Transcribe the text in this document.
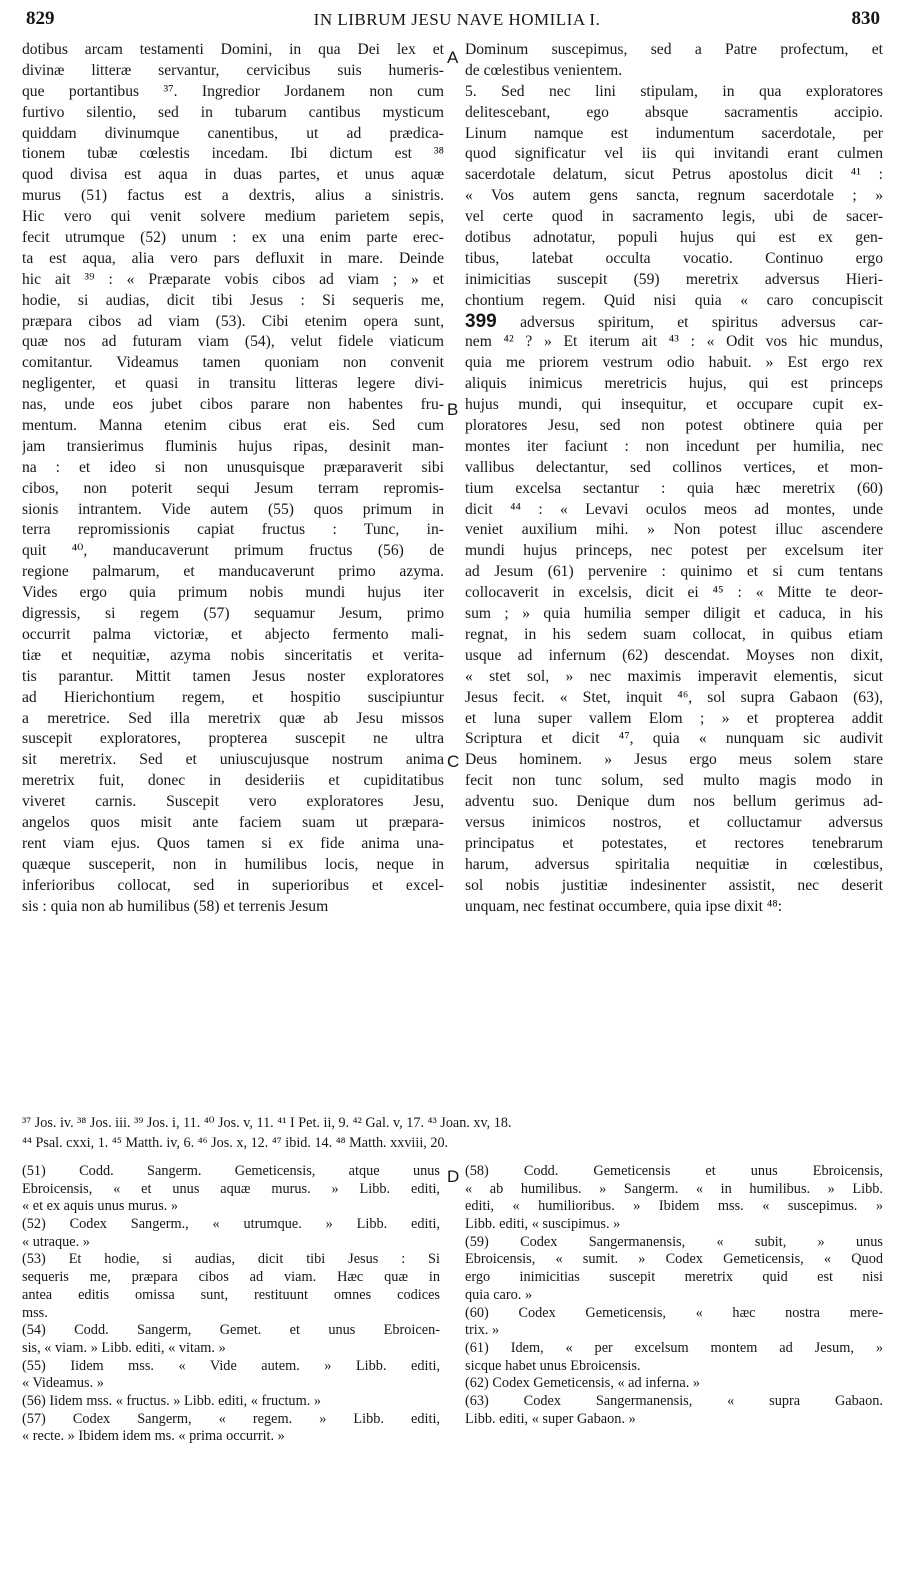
829	IN LIBRUM JESU NAVE HOMILIA I.	830
dotibus arcam testamenti Domini, in qua Dei lex et
divinæ litteræ servantur, cervicibus suis humeris-
que portantibus ³⁷. Ingredior Jordanem non cum
furtivo silentio, sed in tubarum cantibus mysticum
quiddam divinumque canentibus, ut ad prædica-
tionem tubæ cœlestis incedam. Ibi dictum est ³⁸
quod divisa est aqua in duas partes, et unus aquæ
murus (51) factus est a dextris, alius a sinistris.
Hic vero qui venit solvere medium parietem sepis,
fecit utrumque (52) unum : ex una enim parte erec-
ta est aqua, alia vero pars defluxit in mare. Deinde
hic ait ³⁹ : « Præparate vobis cibos ad viam ; » et
hodie, si audias, dicit tibi Jesus : Si sequeris me,
præpara cibos ad viam (53). Cibi etenim opera sunt,
quæ nos ad futuram viam (54), velut fidele viaticum
comitantur. Videamus tamen quoniam non convenit
negligenter, et quasi in transitu litteras legere divi-
nas, unde eos jubet cibos parare non habentes fru-
mentum. Manna etenim cibus erat eis. Sed cum
jam transierimus fluminis hujus ripas, desinit man-
na : et ideo si non unusquisque præparaverit sibi
cibos, non poterit sequi Jesum terram repromis-
sionis intrantem. Vide autem (55) quos primum in
terra repromissionis capiat fructus : Tunc, in-
quit ⁴⁰, manducaverunt primum fructus (56) de
regione palmarum, et manducaverunt primo azyma.
Vides ergo quia primum nobis mundi hujus iter
digressis, si regem (57) sequamur Jesum, primo
occurrit palma victoriæ, et abjecto fermento mali-
tiæ et nequitiæ, azyma nobis sinceritatis et verita-
tis parantur. Mittit tamen Jesus noster exploratores
ad Hierichontium regem, et hospitio suscipiuntur
a meretrice. Sed illa meretrix quæ ab Jesu missos
suscepit exploratores, propterea suscepit ne ultra
sit meretrix. Sed et uniuscujusque nostrum anima
meretrix fuit, donec in desideriis et cupiditatibus
viveret carnis. Suscepit vero exploratores Jesu,
angelos quos misit ante faciem suam ut præpara-
rent viam ejus. Quos tamen si ex fide anima una-
quæque susceperit, non in humilibus locis, neque in
inferioribus collocat, sed in superioribus et excel-
sis : quia non ab humilibus (58) et terrenis Jesum
Dominum suscepimus, sed a Patre profectum, et
de cœlestibus venientem.
5. Sed nec lini stipulam, in qua exploratores
delitescebant, ego absque sacramentis accipio.
Linum namque est indumentum sacerdotale, per
quod significatur vel iis qui invitandi erant culmen
sacerdotale delatum, sicut Petrus apostolus dicit ⁴¹ :
« Vos autem gens sancta, regnum sacerdotale ; »
vel certe quod in sacramento legis, ubi de sacer-
dotibus adnotatur, populi hujus qui est ex gen-
tibus, latebat occulta vocatio. Continuo ergo
inimicitias suscepit (59) meretrix adversus Hieri-
chontium regem. Quid nisi quia « caro concupiscit
399 adversus spiritum, et spiritus adversus car-
nem ⁴² ? » Et iterum ait ⁴³ : « Odit vos hic mundus,
quia me priorem vestrum odio habuit. » Est ergo rex
aliquis inimicus meretricis hujus, qui est princeps
hujus mundi, qui insequitur, et occupare cupit ex-
ploratores Jesu, sed non potest obtinere quia per
montes iter faciunt : non incedunt per humilia, nec
vallibus delectantur, sed collinos vertices, et mon-
tium excelsa sectantur : quia hæc meretrix (60)
dicit ⁴⁴ : « Levavi oculos meos ad montes, unde
veniet auxilium mihi. » Non potest illuc ascendere
mundi hujus princeps, nec potest per excelsum iter
ad Jesum (61) pervenire : quinimo et si cum tentans
collocaverit in excelsis, dicit ei ⁴⁵ : « Mitte te deor-
sum ; » quia humilia semper diligit et caduca, in his
regnat, in his sedem suam collocat, in quibus etiam
usque ad infernum (62) descendat. Moyses non dixit,
« stet sol, » nec maximis imperavit elementis, sicut
Jesus fecit. « Stet, inquit ⁴⁶, sol supra Gabaon (63),
et luna super vallem Elom ; » et propterea addit
Scriptura et dicit ⁴⁷, quia « nunquam sic audivit
Deus hominem. » Jesus ergo meus solem stare
fecit non tunc solum, sed multo magis modo in
adventu suo. Denique dum nos bellum gerimus ad-
versus inimicos nostros, et colluctamur adversus
principatus et potestates, et rectores tenebrarum
harum, adversus spiritalia nequitiæ in cœlestibus,
sol nobis justitiæ indesinenter assistit, nec deserit
unquam, nec festinat occumbere, quia ipse dixit ⁴⁸:
A
B
C
D
³⁷ Jos. iv. ³⁸ Jos. iii. ³⁹ Jos. i, 11. ⁴⁰ Jos. v, 11. ⁴¹ I Pet. ii, 9. ⁴² Gal. v, 17. ⁴³ Joan. xv, 18.
⁴⁴ Psal. cxxi, 1. ⁴⁵ Matth. iv, 6. ⁴⁶ Jos. x, 12. ⁴⁷ ibid. 14. ⁴⁸ Matth. xxviii, 20.
(51) Codd. Sangerm. Gemeticensis, atque unus
Ebroicensis, « et unus aquæ murus. » Libb. editi,
« et ex aquis unus murus. »
(52) Codex Sangerm., « utrumque. » Libb. editi,
« utraque. »
(53) Et hodie, si audias, dicit tibi Jesus : Si
sequeris me, præpara cibos ad viam. Hæc quæ in
antea editis omissa sunt, restituunt omnes codices
mss.
(54) Codd. Sangerm, Gemet. et unus Ebroicen-
sis, « viam. » Libb. editi, « vitam. »
(55) Iidem mss. « Vide autem. » Libb. editi,
« Videamus. »
(56) Iidem mss. « fructus. » Libb. editi, « fructum. »
(57) Codex Sangerm, « regem. » Libb. editi,
« recte. » Ibidem idem ms. « prima occurrit. »
(58) Codd. Gemeticensis et unus Ebroicensis,
« ab humilibus. » Sangerm. « in humilibus. » Libb.
editi, « humilioribus. » Ibidem mss. « suscepimus. »
Libb. editi, « suscipimus. »
(59) Codex Sangermanensis, « subit, » unus
Ebroicensis, « sumit. » Codex Gemeticensis, « Quod
ergo inimicitias suscepit meretrix quid est nisi
quia caro. »
(60) Codex Gemeticensis, « hæc nostra mere-
trix. »
(61) Idem, « per excelsum montem ad Jesum, »
sicque habet unus Ebroicensis.
(62) Codex Gemeticensis, « ad inferna. »
(63) Codex Sangermanensis, « supra Gabaon.
Libb. editi, « super Gabaon. »
